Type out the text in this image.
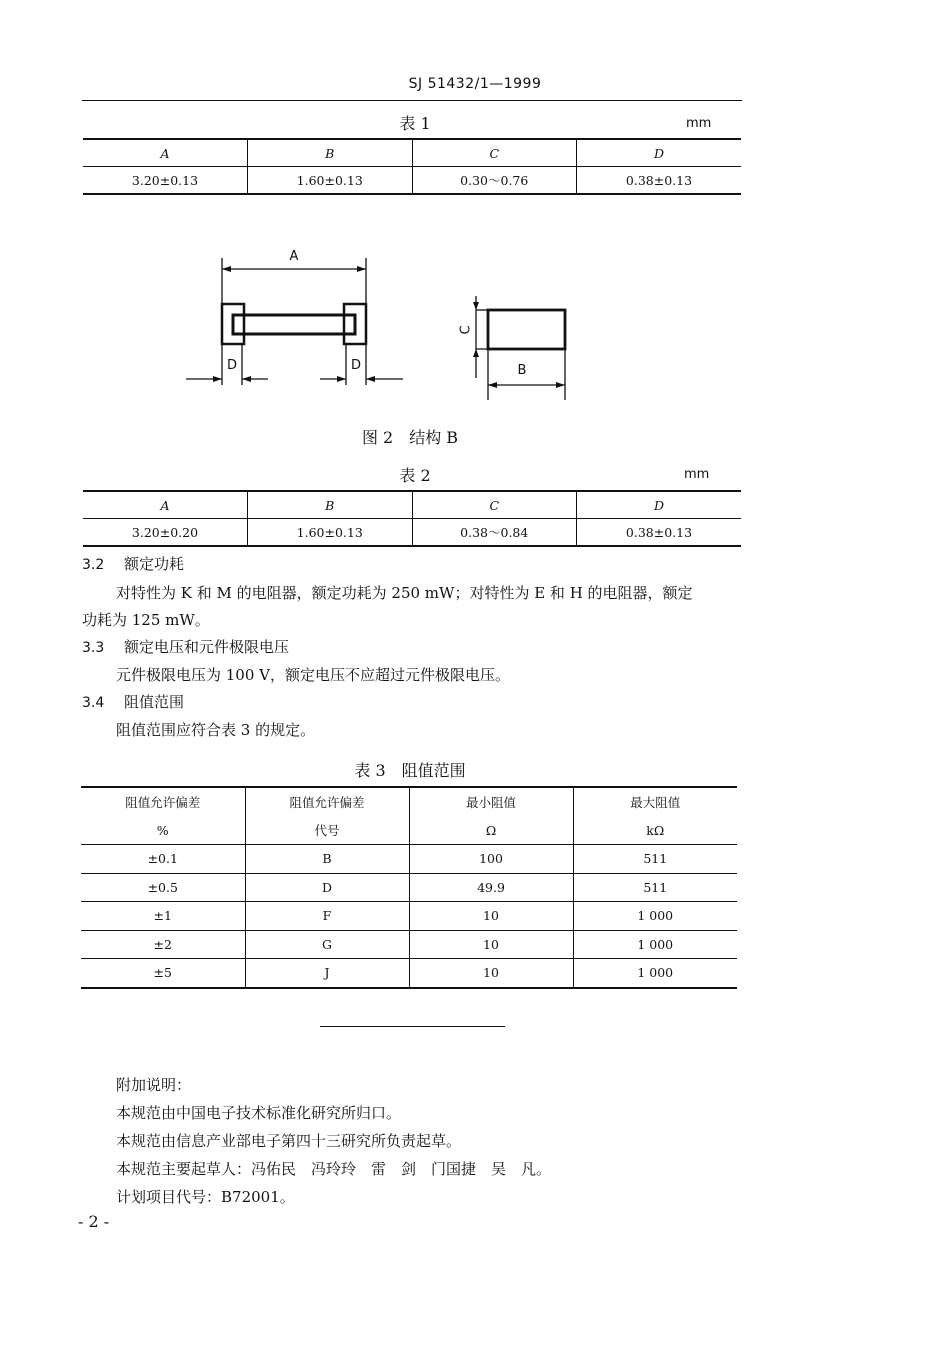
SJ 51432/1—1999
表 1	mm
A	B	C	D
3.20±0.13	1.60±0.13	0.30～0.76	0.38±0.13
A
D	D	B
C
图 2　结构 B
表 2	mm
A	B	C	D
3.20±0.20	1.60±0.13	0.38～0.84	0.38±0.13
3.2 额定功耗
对特性为 K 和 M 的电阻器，额定功耗为 250 mW；对特性为 E 和 H 的电阻器，额定
功耗为 125 mW。
3.3 额定电压和元件极限电压
元件极限电压为 100 V，额定电压不应超过元件极限电压。
3.4 阻值范围
阻值范围应符合表 3 的规定。
表 3　阻值范围
阻值允许偏差	阻值允许偏差	最小阻值	最大阻值
%	代号	Ω	kΩ
±0.1	B	100	511
±0.5	D	49.9	511
±1	F	10	1 000
±2	G	10	1 000
±5	J	10	1 000
附加说明：
本规范由中国电子技术标准化研究所归口。
本规范由信息产业部电子第四十三研究所负责起草。
本规范主要起草人：冯佑民　冯玲玲　雷　剑　门国捷　吴　凡。
计划项目代号：B72001。
- 2 -
